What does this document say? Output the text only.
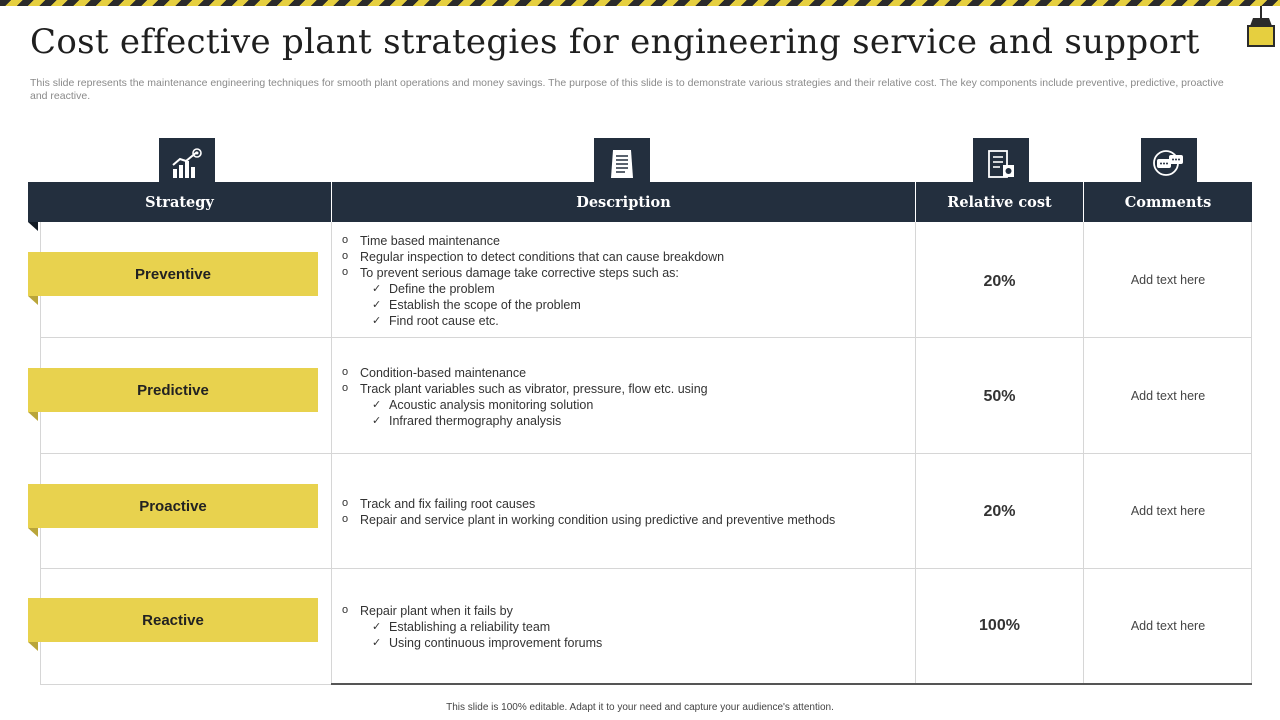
Cost effective plant strategies for engineering service and support

This slide represents the maintenance engineering techniques for smooth plant operations and money savings. The purpose of this slide is to demonstrate various strategies and their relative cost. The key components include preventive, predictive, proactive and reactive.

Strategy	Description	Relative cost	Comments
Preventive
o Time based maintenance
o Regular inspection to detect conditions that can cause breakdown
o To prevent serious damage take corrective steps such as:
✓ Define the problem
✓ Establish the scope of the problem
✓ Find root cause etc.
20%	Add text here
Predictive
o Condition-based maintenance
o Track plant variables such as vibrator, pressure, flow etc. using
✓ Acoustic analysis monitoring solution
✓ Infrared thermography analysis
50%	Add text here
Proactive
o	Track and fix failing root causes
o Repair and service plant in working condition using predictive and preventive methods	20%	Add text here
Reactive
o Repair plant when it fails by
✓ Establishing a reliability team
✓ Using continuous improvement forums
100%	Add text here
This slide is 100% editable. Adapt it to your need and capture your audience's attention.
